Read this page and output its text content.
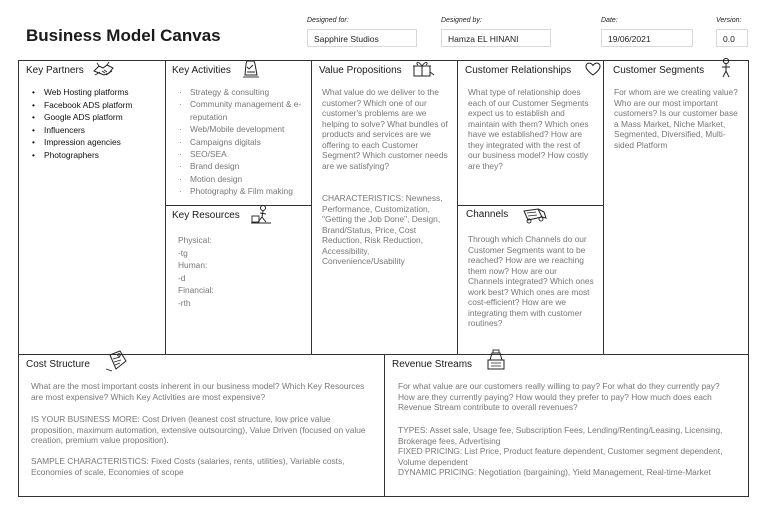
Business Model Canvas
Designed for:
Sapphire Studios
Designed by:
Hamza EL HINANI
Date:
19/06/2021
Version:
0.0
Key Partners
• Web Hosting platforms
• Facebook ADS platform
• Google ADS platform
• Influencers
• Impression agencies
• Photographers
Key Activities
· Strategy & consulting
· Community management & e-reputation
· Web/Mobile development
· Campaigns digitals
· SEO/SEA
· Brand design
· Motion design
· Photography & Film making
Key Resources
Physical:
-tg
Human:
-d
Financial:
-rth
Value Propositions

What value do we deliver to the customer? Which one of our customer's problems are we helping to solve? What bundles of products and services are we offering to each Customer Segment? Which customer needs are we satisfying?

CHARACTERISTICS: Newness, Performance, Customization, "Getting the Job Done", Design, Brand/Status, Price, Cost Reduction, Risk Reduction, Accessibility, Convenience/Usability

Customer Relationships

What type of relationship does each of our Customer Segments expect us to establish and maintain with them? Which ones have we established? How are they integrated with the rest of our business model? How costly are they?

Channels

Through which Channels do our Customer Segments want to be reached? How are we reaching them now? How are our Channels integrated? Which ones work best? Which ones are most cost-efficient? How are we integrating them with customer routines?

Customer Segments

For whom are we creating value? Who are our most important customers? Is our customer base a Mass Market, Niche Market, Segmented, Diversified, Multi-sided Platform

Cost Structure

What are the most important costs inherent in our business model? Which Key Resources are most expensive? Which Key Activities are most expensive?

IS YOUR BUSINESS MORE: Cost Driven (leanest cost structure, low price value proposition, maximum automation, extensive outsourcing), Value Driven (focused on value creation, premium value proposition).

SAMPLE CHARACTERISTICS: Fixed Costs (salaries, rents, utilities), Variable costs, Economies of scale, Economies of scope

Revenue Streams

For what value are our customers really willing to pay? For what do they currently pay? How are they currently paying? How would they prefer to pay? How much does each Revenue Stream contribute to overall revenues?

TYPES: Asset sale, Usage fee, Subscription Fees, Lending/Renting/Leasing, Licensing, Brokerage fees, Advertising

FIXED PRICING: List Price, Product feature dependent, Customer segment dependent, Volume dependent

DYNAMIC PRICING: Negotiation (bargaining), Yield Management, Real-time-Market
